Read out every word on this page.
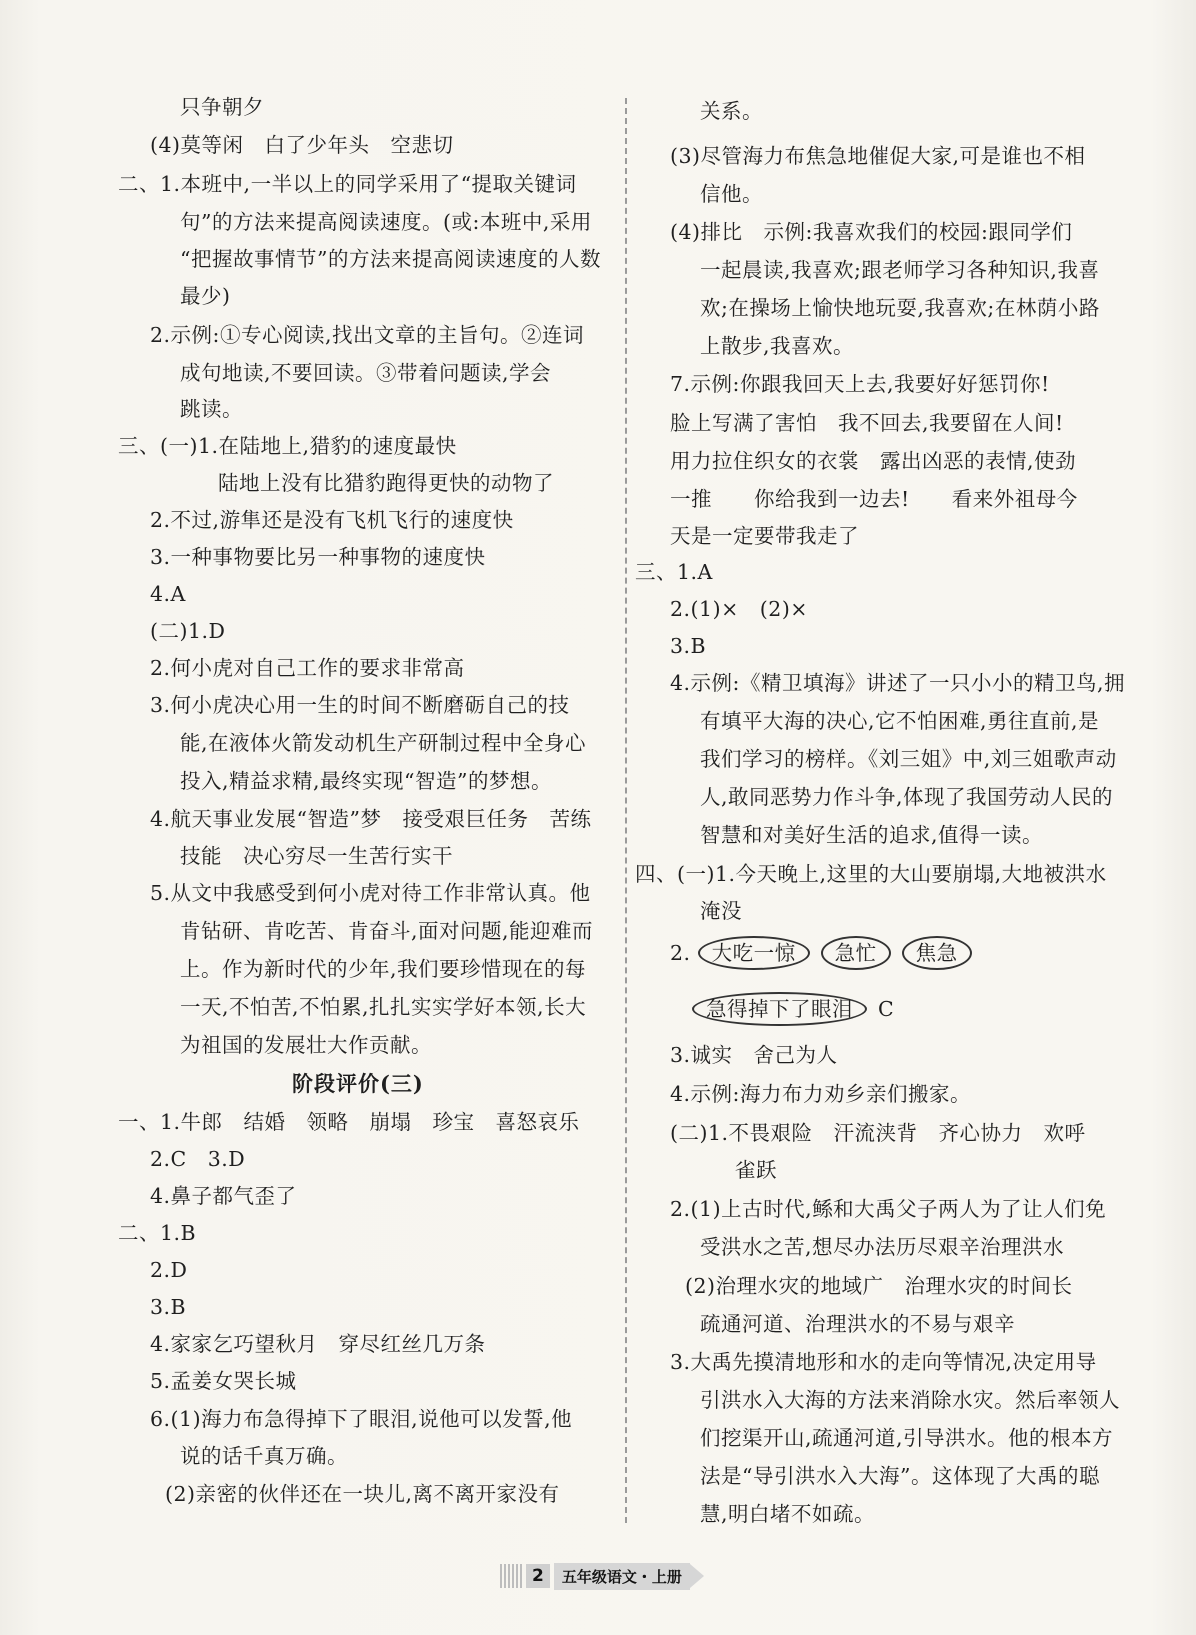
只争朝夕
(4)莫等闲　白了少年头　空悲切
二、1.本班中,一半以上的同学采用了“提取关键词
句”的方法来提高阅读速度。(或:本班中,采用
“把握故事情节”的方法来提高阅读速度的人数
最少)
2.示例:①专心阅读,找出文章的主旨句。②连词
成句地读,不要回读。③带着问题读,学会
跳读。
三、(一)1.在陆地上,猎豹的速度最快
陆地上没有比猎豹跑得更快的动物了
2.不过,游隼还是没有飞机飞行的速度快
3.一种事物要比另一种事物的速度快
4.A
(二)1.D
2.何小虎对自己工作的要求非常高
3.何小虎决心用一生的时间不断磨砺自己的技
能,在液体火箭发动机生产研制过程中全身心
投入,精益求精,最终实现“智造”的梦想。
4.航天事业发展“智造”梦　接受艰巨任务　苦练
技能　决心穷尽一生苦行实干
5.从文中我感受到何小虎对待工作非常认真。他
肯钻研、肯吃苦、肯奋斗,面对问题,能迎难而
上。作为新时代的少年,我们要珍惜现在的每
一天,不怕苦,不怕累,扎扎实实学好本领,长大
为祖国的发展壮大作贡献。
阶段评价(三)
一、1.牛郎　结婚　领略　崩塌　珍宝　喜怒哀乐
2.C　3.D
4.鼻子都气歪了
二、1.B
2.D
3.B
4.家家乞巧望秋月　穿尽红丝几万条
5.孟姜女哭长城
6.(1)海力布急得掉下了眼泪,说他可以发誓,他
说的话千真万确。
(2)亲密的伙伴还在一块儿,离不离开家没有
关系。
(3)尽管海力布焦急地催促大家,可是谁也不相
信他。
(4)排比　示例:我喜欢我们的校园:跟同学们
一起晨读,我喜欢;跟老师学习各种知识,我喜
欢;在操场上愉快地玩耍,我喜欢;在林荫小路
上散步,我喜欢。
7.示例:你跟我回天上去,我要好好惩罚你!
脸上写满了害怕　我不回去,我要留在人间!
用力拉住织女的衣裳　露出凶恶的表情,使劲
一推　　你给我到一边去!　　看来外祖母今
天是一定要带我走了
三、1.A
2.(1)×　(2)×
3.B
4.示例:《精卫填海》讲述了一只小小的精卫鸟,拥
有填平大海的决心,它不怕困难,勇往直前,是
我们学习的榜样。《刘三姐》中,刘三姐歌声动
人,敢同恶势力作斗争,体现了我国劳动人民的
智慧和对美好生活的追求,值得一读。
四、(一)1.今天晚上,这里的大山要崩塌,大地被洪水
淹没
2. 大吃一惊 急忙 焦急
急得掉下了眼泪 C
3.诚实　舍己为人
4.示例:海力布力劝乡亲们搬家。
(二)1.不畏艰险　汗流浃背　齐心协力　欢呼
雀跃
2.(1)上古时代,鲧和大禹父子两人为了让人们免
受洪水之苦,想尽办法历尽艰辛治理洪水
(2)治理水灾的地域广　治理水灾的时间长
疏通河道、治理洪水的不易与艰辛
3.大禹先摸清地形和水的走向等情况,决定用导
引洪水入大海的方法来消除水灾。然后率领人
们挖渠开山,疏通河道,引导洪水。他的根本方
法是“导引洪水入大海”。这体现了大禹的聪
慧,明白堵不如疏。
2	五年级语文・上册
